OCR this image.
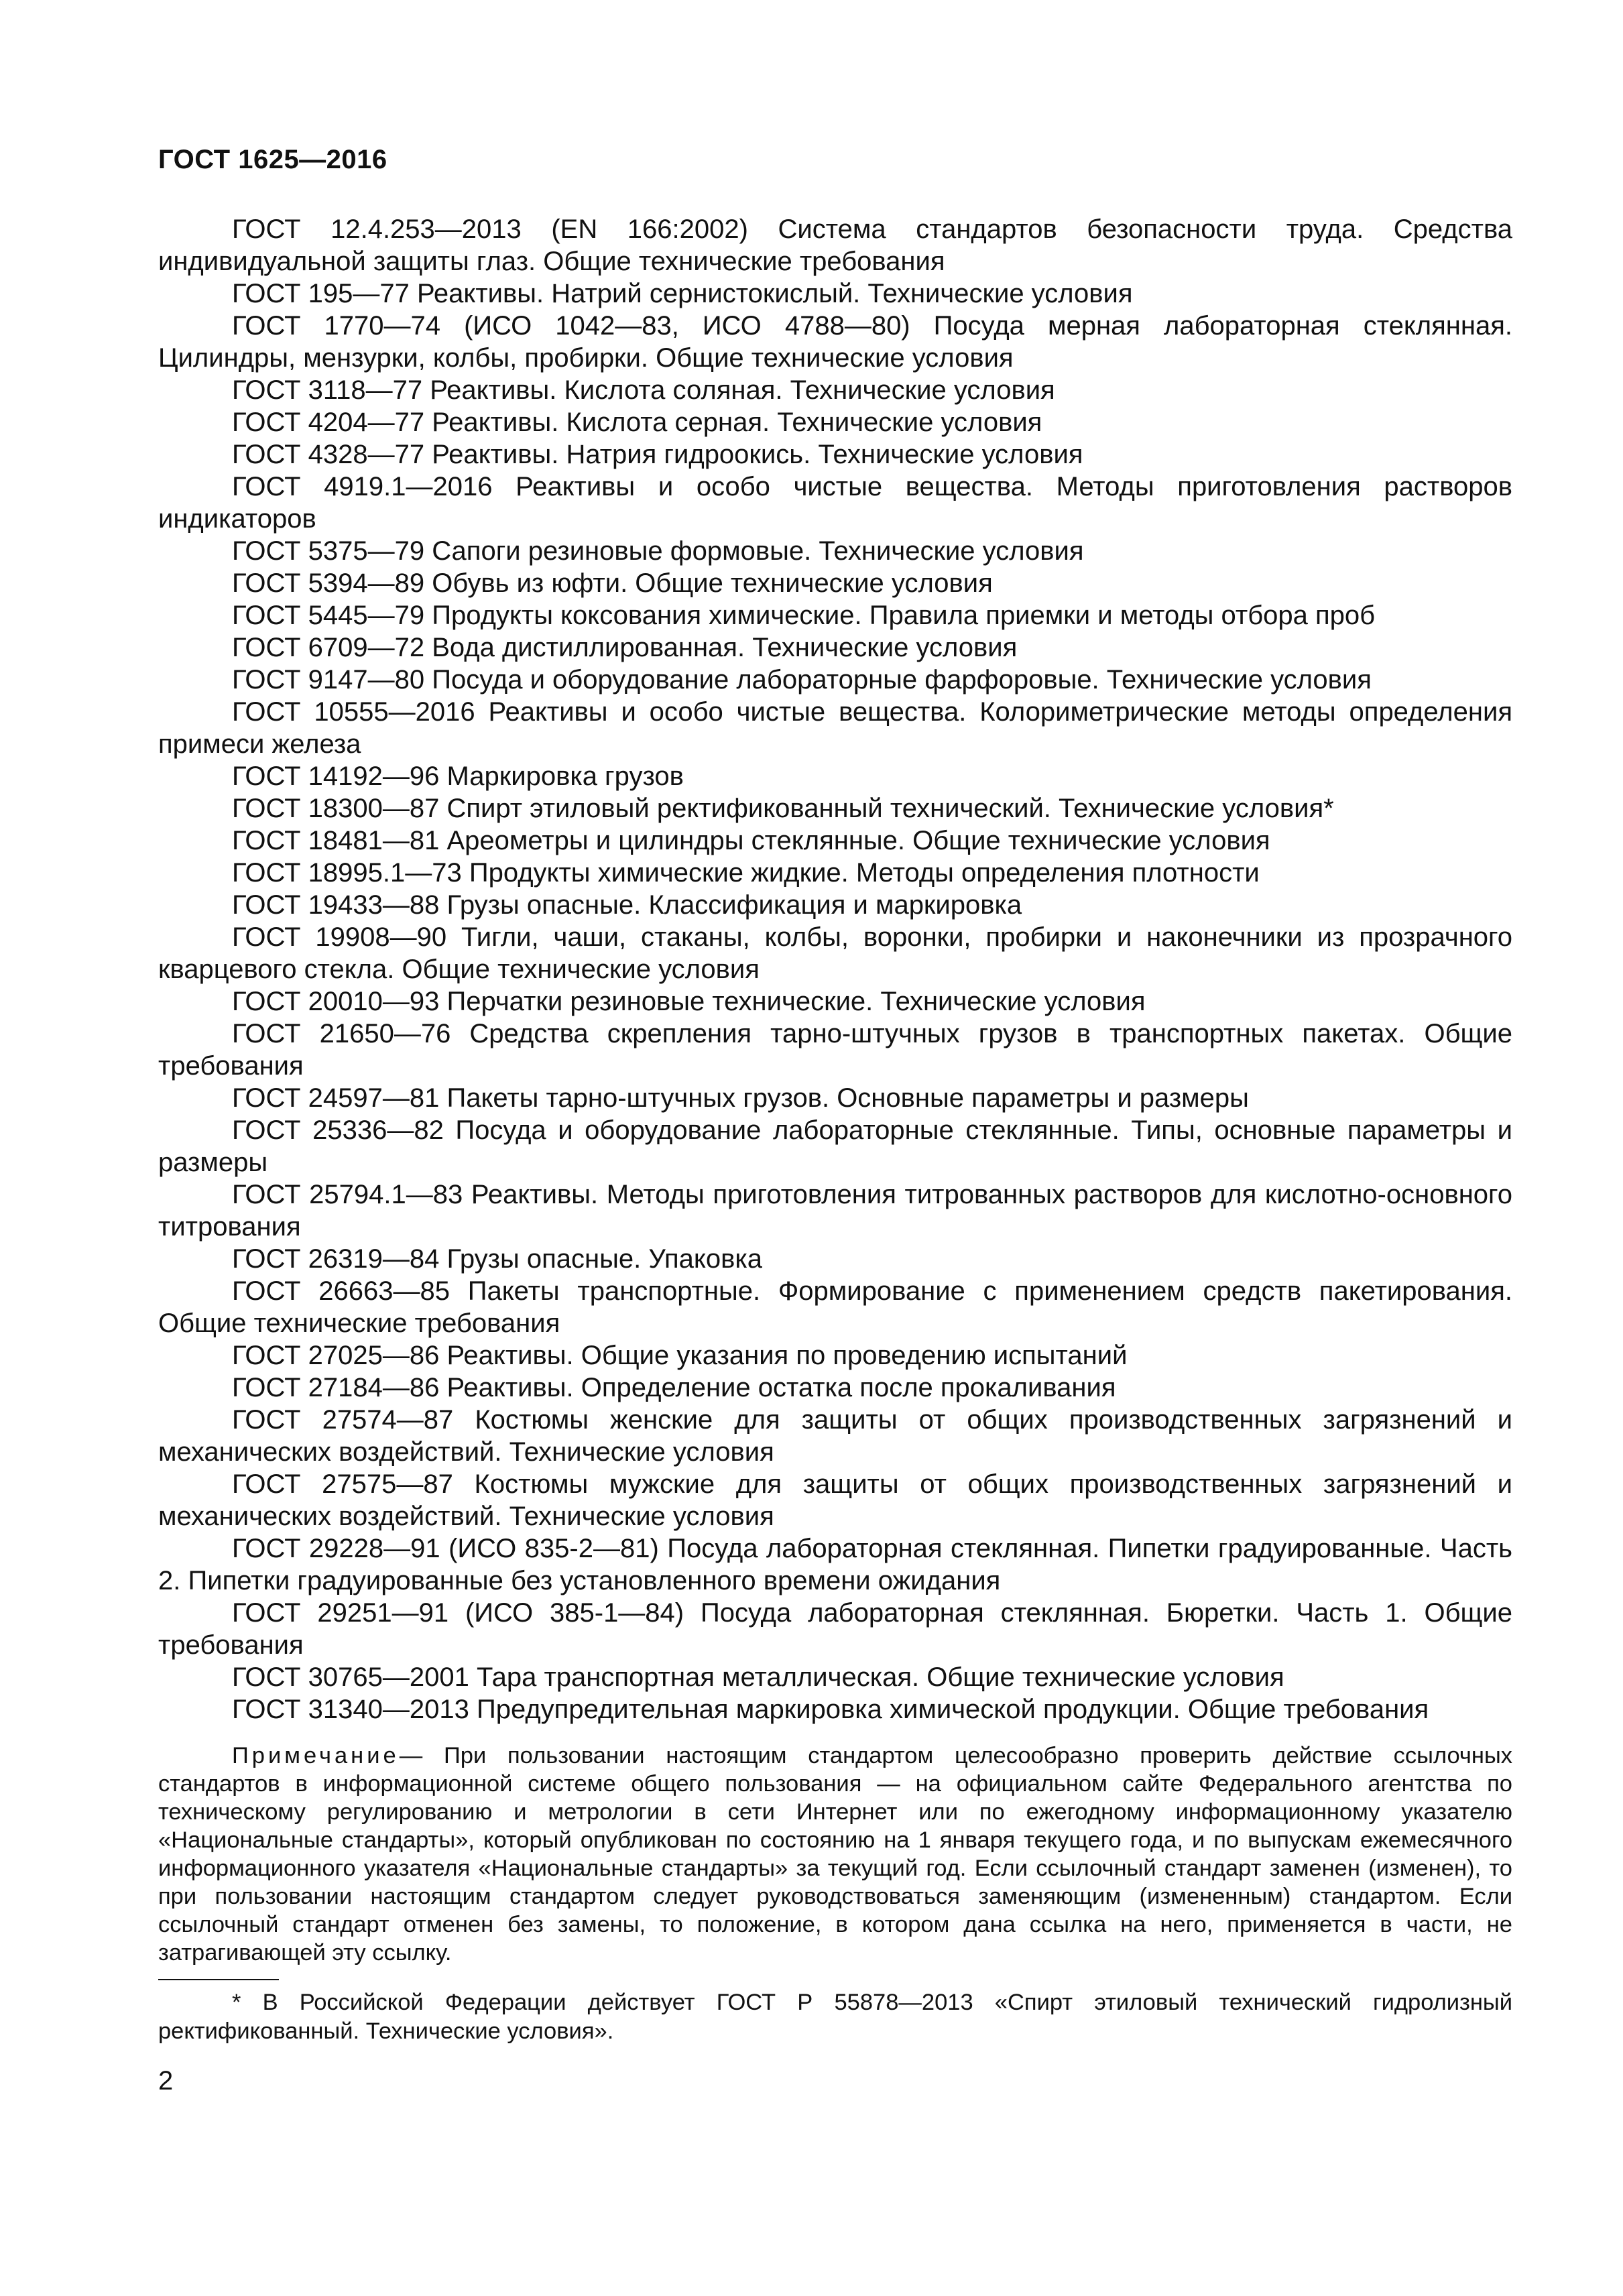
ГОСТ 1625—2016
ГОСТ 12.4.253—2013 (EN 166:2002) Система стандартов безопасности труда. Средства индивидуальной защиты глаз. Общие технические требования
ГОСТ 195—77 Реактивы. Натрий сернистокислый. Технические условия
ГОСТ 1770—74 (ИСО 1042—83, ИСО 4788—80) Посуда мерная лабораторная стеклянная. Цилиндры, мензурки, колбы, пробирки. Общие технические условия
ГОСТ 3118—77 Реактивы. Кислота соляная. Технические условия
ГОСТ 4204—77 Реактивы. Кислота серная. Технические условия
ГОСТ 4328—77 Реактивы. Натрия гидроокись. Технические условия
ГОСТ 4919.1—2016 Реактивы и особо чистые вещества. Методы приготовления растворов индикаторов
ГОСТ 5375—79 Сапоги резиновые формовые. Технические условия
ГОСТ 5394—89 Обувь из юфти. Общие технические условия
ГОСТ 5445—79 Продукты коксования химические. Правила приемки и методы отбора проб
ГОСТ 6709—72 Вода дистиллированная. Технические условия
ГОСТ 9147—80 Посуда и оборудование лабораторные фарфоровые. Технические условия
ГОСТ 10555—2016 Реактивы и особо чистые вещества. Колориметрические методы определения примеси железа
ГОСТ 14192—96 Маркировка грузов
ГОСТ 18300—87 Спирт этиловый ректификованный технический. Технические условия*
ГОСТ 18481—81 Ареометры и цилиндры стеклянные. Общие технические условия
ГОСТ 18995.1—73 Продукты химические жидкие. Методы определения плотности
ГОСТ 19433—88 Грузы опасные. Классификация и маркировка
ГОСТ 19908—90 Тигли, чаши, стаканы, колбы, воронки, пробирки и наконечники из прозрачного кварцевого стекла. Общие технические условия
ГОСТ 20010—93 Перчатки резиновые технические. Технические условия
ГОСТ 21650—76 Средства скрепления тарно-штучных грузов в транспортных пакетах. Общие требования
ГОСТ 24597—81 Пакеты тарно-штучных грузов. Основные параметры и размеры
ГОСТ 25336—82 Посуда и оборудование лабораторные стеклянные. Типы, основные параметры и размеры
ГОСТ 25794.1—83 Реактивы. Методы приготовления титрованных растворов для кислотно-основного титрования
ГОСТ 26319—84 Грузы опасные. Упаковка
ГОСТ 26663—85 Пакеты транспортные. Формирование с применением средств пакетирования. Общие технические требования
ГОСТ 27025—86 Реактивы. Общие указания по проведению испытаний
ГОСТ 27184—86 Реактивы. Определение остатка после прокаливания
ГОСТ 27574—87 Костюмы женские для защиты от общих производственных загрязнений и механических воздействий. Технические условия
ГОСТ 27575—87 Костюмы мужские для защиты от общих производственных загрязнений и механических воздействий. Технические условия
ГОСТ 29228—91 (ИСО 835-2—81) Посуда лабораторная стеклянная. Пипетки градуированные. Часть 2. Пипетки градуированные без установленного времени ожидания
ГОСТ 29251—91 (ИСО 385-1—84) Посуда лабораторная стеклянная. Бюретки. Часть 1. Общие требования
ГОСТ 30765—2001 Тара транспортная металлическая. Общие технические условия
ГОСТ 31340—2013 Предупредительная маркировка химической продукции. Общие требования
Примечание— При пользовании настоящим стандартом целесообразно проверить действие ссылочных стандартов в информационной системе общего пользования — на официальном сайте Федерального агентства по техническому регулированию и метрологии в сети Интернет или по ежегодному информационному указателю «Национальные стандарты», который опубликован по состоянию на 1 января текущего года, и по выпускам ежемесячного информационного указателя «Национальные стандарты» за текущий год. Если ссылочный стандарт заменен (изменен), то при пользовании настоящим стандартом следует руководствоваться заменяющим (измененным) стандартом. Если ссылочный стандарт отменен без замены, то положение, в котором дана ссылка на него, применяется в части, не затрагивающей эту ссылку.
* В Российской Федерации действует ГОСТ Р 55878—2013 «Спирт этиловый технический гидролизный ректификованный. Технические условия».
2
